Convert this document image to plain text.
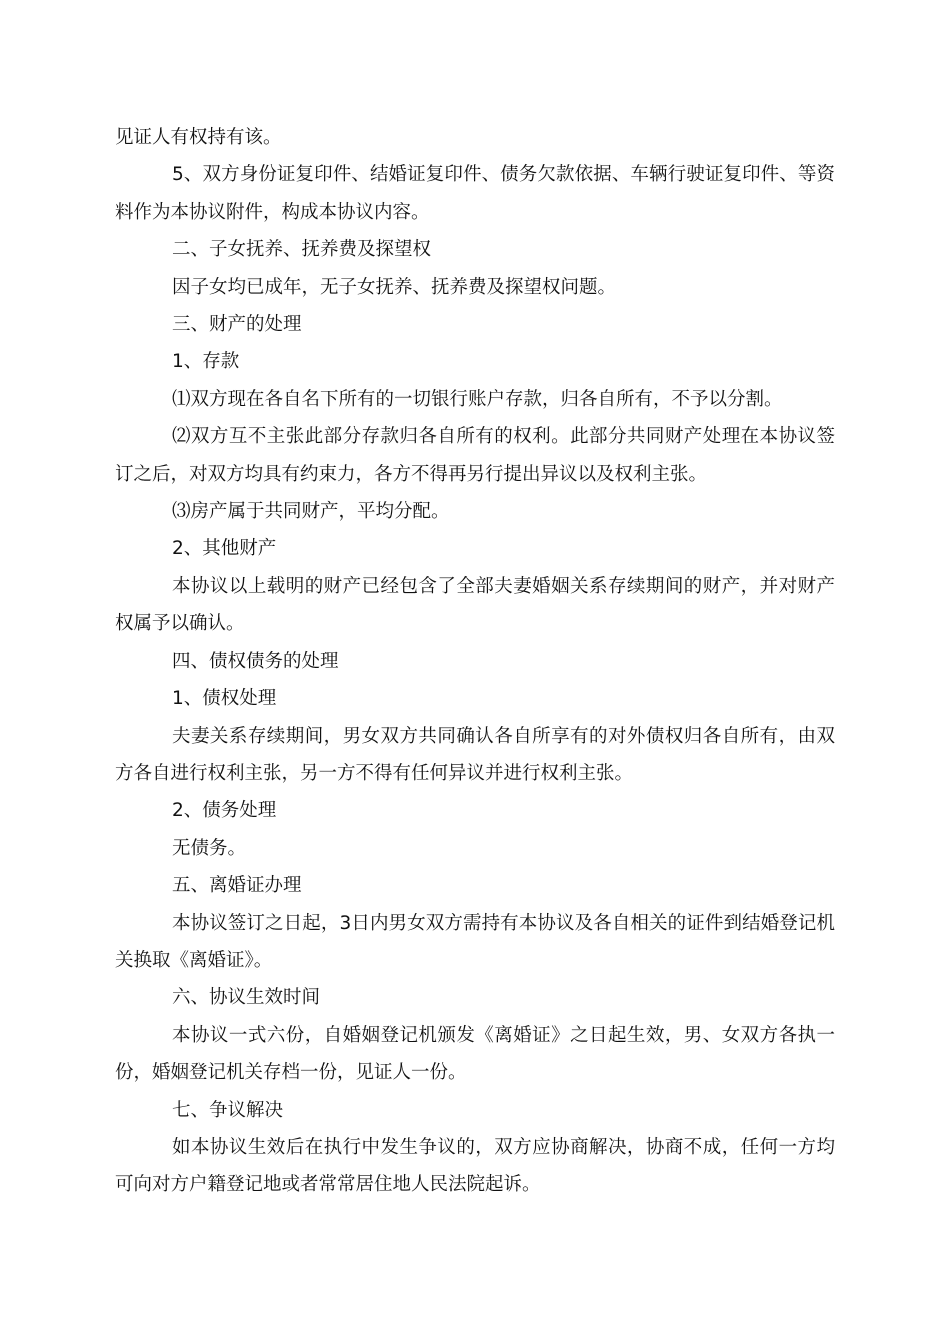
见证人有权持有该。

5、双方身份证复印件、结婚证复印件、债务欠款依据、车辆行驶证复印件、等资料作为本协议附件，构成本协议内容。

二、子女抚养、抚养费及探望权

因子女均已成年，无子女抚养、抚养费及探望权问题。

三、财产的处理

1、存款

⑴双方现在各自名下所有的一切银行账户存款，归各自所有，不予以分割。

⑵双方互不主张此部分存款归各自所有的权利。此部分共同财产处理在本协议签订之后，对双方均具有约束力，各方不得再另行提出异议以及权利主张。

⑶房产属于共同财产，平均分配。

2、其他财产

本协议以上载明的财产已经包含了全部夫妻婚姻关系存续期间的财产，并对财产权属予以确认。

四、债权债务的处理

1、债权处理

夫妻关系存续期间，男女双方共同确认各自所享有的对外债权归各自所有，由双方各自进行权利主张，另一方不得有任何异议并进行权利主张。

2、债务处理

无债务。

五、离婚证办理

本协议签订之日起，3日内男女双方需持有本协议及各自相关的证件到结婚登记机关换取《离婚证》。

六、协议生效时间

本协议一式六份，自婚姻登记机颁发《离婚证》之日起生效，男、女双方各执一份，婚姻登记机关存档一份，见证人一份。

七、争议解决

如本协议生效后在执行中发生争议的，双方应协商解决，协商不成，任何一方均可向对方户籍登记地或者常常居住地人民法院起诉。
